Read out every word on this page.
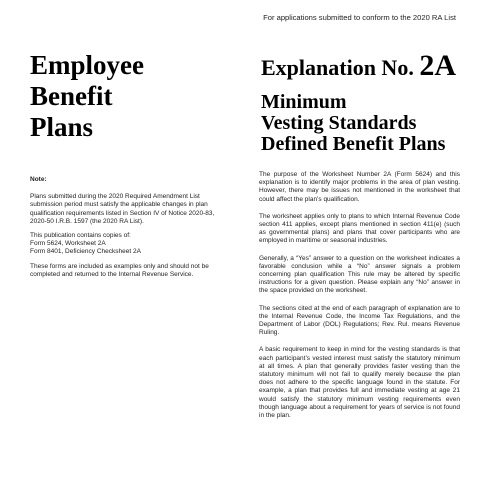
For applications submitted to conform to the 2020 RA List
Employee
Benefit
Plans
Explanation No. 2A
Minimum
Vesting Standards
Defined Benefit Plans
Note:

Plans submitted during the 2020 Required Amendment List submission period must satisfy the applicable changes in plan qualification requirements listed in Section IV of Notice 2020-83, 2020-50 I.R.B. 1597 (the 2020 RA List).

This publication contains copies of:
Form 5624, Worksheet 2A
Form 8401, Deficiency Checksheet 2A

These forms are included as examples only and should not be completed and returned to the Internal Revenue Service.

The purpose of the Worksheet Number 2A (Form 5624) and this explanation is to identify major problems in the area of plan vesting. However, there may be issues not mentioned in the worksheet that could affect the plan’s qualification.

The worksheet applies only to plans to which Internal Revenue Code section 411 applies, except plans mentioned in section 411(e) (such as governmental plans) and plans that cover participants who are employed in maritime or seasonal industries.

Generally, a “Yes” answer to a question on the worksheet indicates a favorable conclusion while a “No” answer signals a problem concerning plan qualification This rule may be altered by specific instructions for a given question. Please explain any “No” answer in the space provided on the worksheet.

The sections cited at the end of each paragraph of explanation are to the Internal Revenue Code, the Income Tax Regulations, and the Department of Labor (DOL) Regulations; Rev. Rul. means Revenue Ruling.

A basic requirement to keep in mind for the vesting standards is that each participant’s vested interest must satisfy the statutory minimum at all times. A plan that generally provides faster vesting than the statutory minimum will not fail to qualify merely because the plan does not adhere to the specific language found in the statute. For example, a plan that provides full and immediate vesting at age 21 would satisfy the statutory minimum vesting requirements even though language about a requirement for years of service is not found in the plan.
